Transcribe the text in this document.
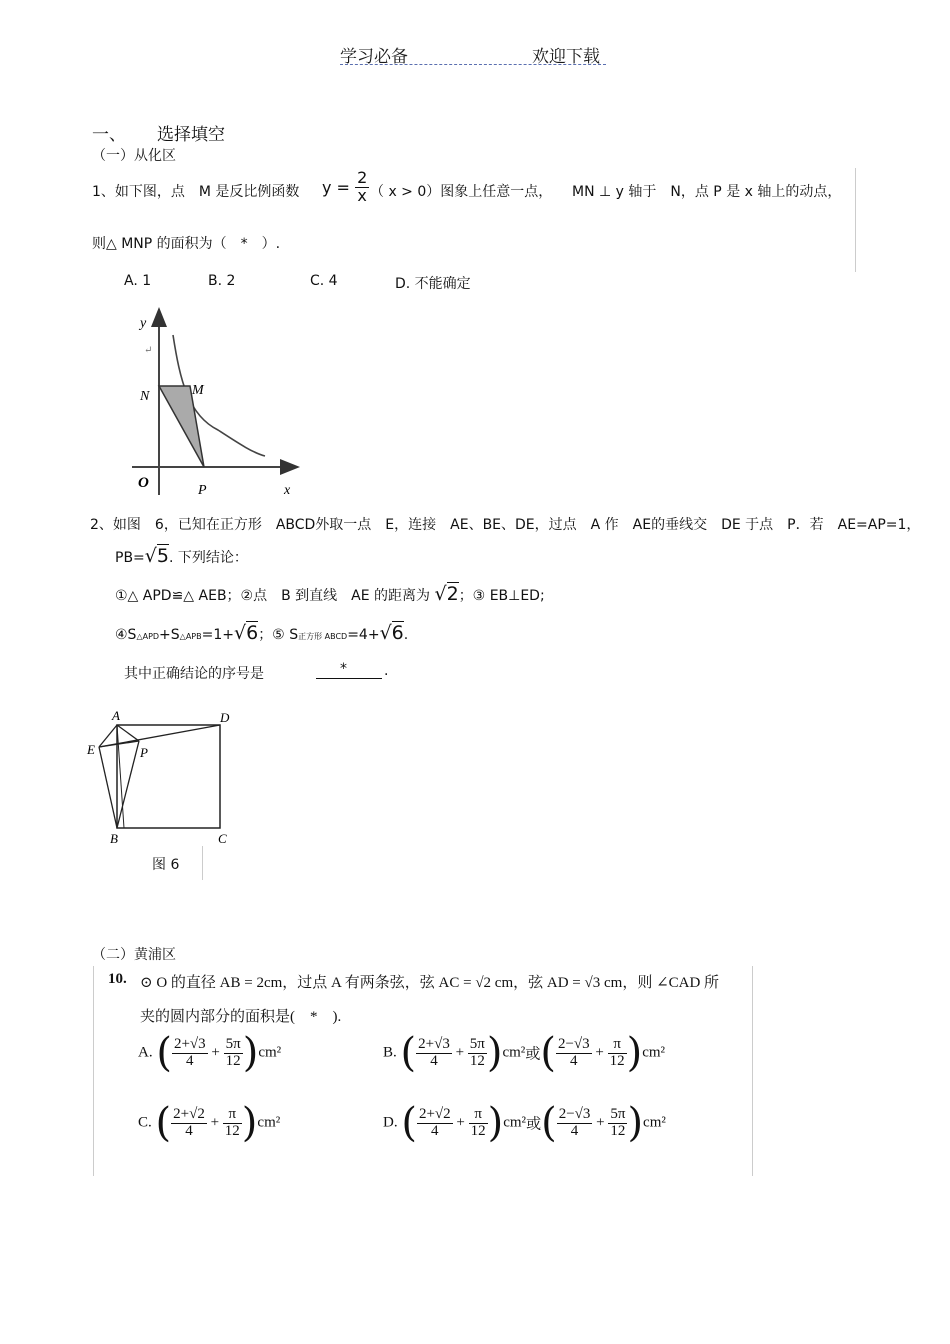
学习必备	欢迎下载
一、 选择填空
（一）从化区
1、如下图，点　M 是反比例函数 $y = \frac{2}{x}$ （ x > 0）图象上任意一点， MN ⊥ y 轴于　N，点 P 是 x 轴上的动点，
则△ MNP 的面积为（　*　）.
A. 1	B. 2	C. 4	D. 不能确定
y
↵
N	M
O	P	x
2、如图　6，已知在正方形　ABCD外取一点　E，连接　AE、BE、DE，过点　A 作　AE的垂线交　DE 于点　P．若　AE=AP=1，
PB=√5. 下列结论：
①△ APD≌△ AEB；②点　B 到直线　AE 的距离为 √2；③ EB⊥ED;
④S△APD+S△APB=1+√6；⑤ S正方形 ABCD=4+√6.
其中正确结论的序号是	*	.
A	D
E	P
B	C
图 6
（二）黄浦区
10. ⊙ O 的直径 AB = 2cm，过点 A 有两条弦，弦 AC = √2 cm，弦 AD = √3 cm，则 ∠CAD 所
夹的圆内部分的面积是(　*　).
A. ( $\frac{2+√3}{4} + \frac{5\pi}{12} )cm^2$	B. ( $\frac{2+√3}{4} + \frac{5\pi}{12} )cm^2$或( $\frac{2-√3}{4} + \frac{\pi}{12} )cm^2$
C. ( $\frac{2+√2}{4} + \frac{\pi}{12} )cm^2$	D. ( $\frac{2+√2}{4} + \frac{\pi}{12} )cm^2$或( $\frac{2-√3}{4} + \frac{5\pi}{12} )cm^2$
